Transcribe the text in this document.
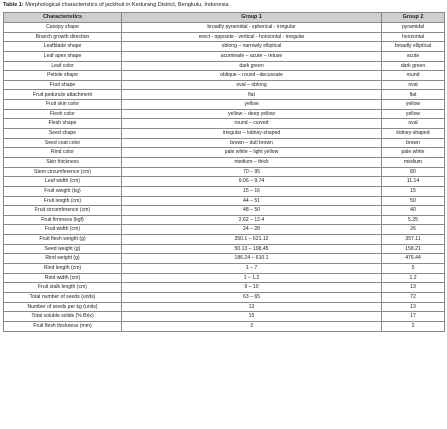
Table 1: Morphological characteristics of jackfruit in Kedurang District, Bengkulu, Indonesia
Characteristics	Group 1	Group 2
Canopy shape	broadly pyramidal - spherical - irregular	pyramidal
Branch growth direction	erect - opposite - vertical - horizontal - irregular	horizontal
Leafblade shape	oblong – narrowly elliptical	broadly elliptical
Leaf apex shape	acuminate – acute – retuse	acute
Leaf color	dark green	dark green
Petiole shape	oblique – round –decussate	round
Fruit shape	oval – oblong	oval
Fruit peduncle attachment	flat	flat
Fruit skin color	yellow	yellow
Flesh color	yellow – deep yellow	yellow
Flesh shape	round – curved	oval
Seed shape	irregular – kidney-shaped	kidney-shaped
Seed coat color	brown – dull brown	brown
Rind color	pale white – light yellow	pale white
Skin thickness	medium – thick	medium
Stem circumference (cm)	70 – 95	80
Leaf width (cm)	9.06 – 9.74	11.14
Fruit weight (kg)	15 – 16	15
Fruit length (cm)	44 – 51	50
Fruit circumference (cm)	48 – 50	40
Fruit firmness (kgf)	2.62 – 12.4	5.25
Fruit width (cm)	24 – 28	26
Fruit flesh weight (g)	350.1 – 621.12	357.11
Seed weight (g)	50.13 – 198.45	158.21
Rind weight (g)	186.24 – 610.1	476.44
Rind length (cm)	1 – 7	5
Rind width (cm)	1 – 1.2	1.2
Fruit stalk length (cm)	9 – 10	13
Total number of seeds (units)	63 – 65	72
Number of seeds per kg (units)	13	13
Total soluble solids (% Brix)	15	17
Fruit flesh thickness (mm)	3	2
